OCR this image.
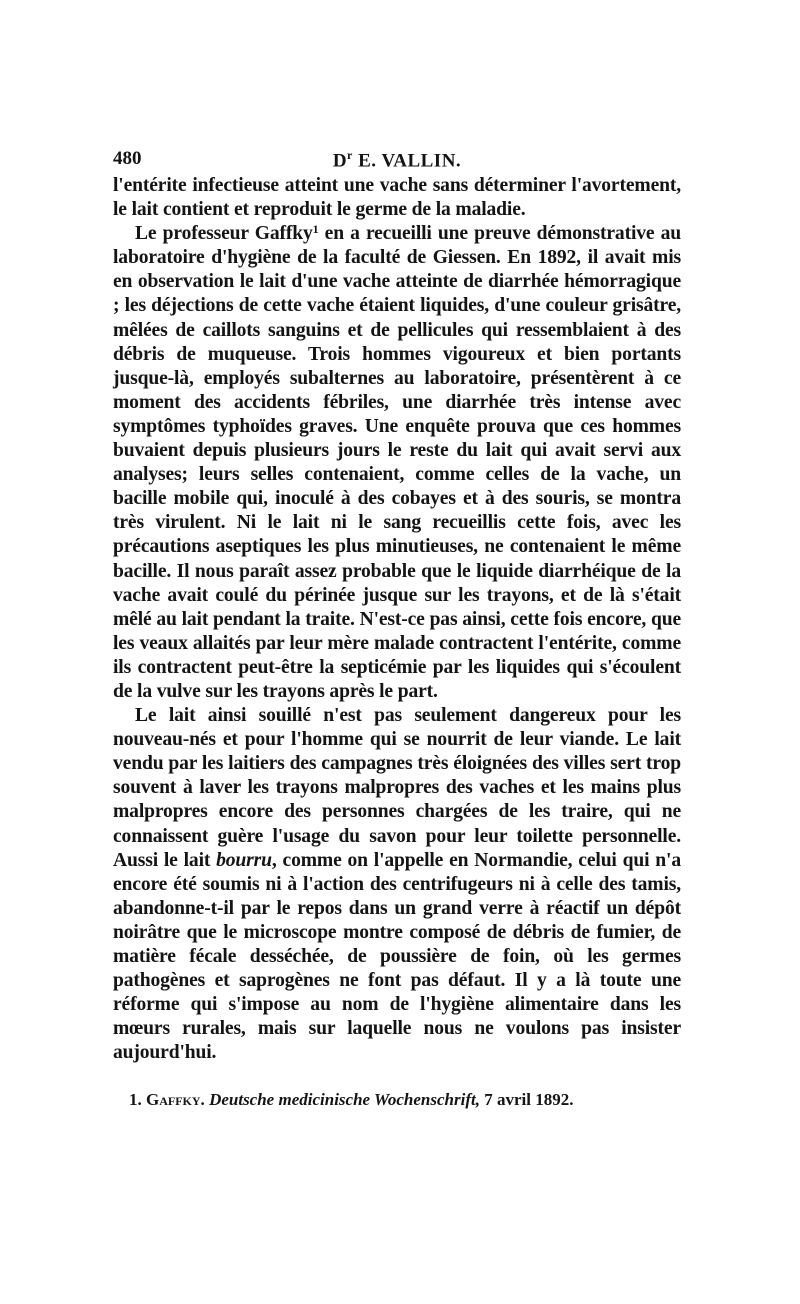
480	$D^r$ E. VALLIN.

l'entérite infectieuse atteint une vache sans déterminer l'avortement, le lait contient et reproduit le germe de la maladie.

Le professeur Gaffky$^1$ en a recueilli une preuve démonstrative au laboratoire d'hygiène de la faculté de Giessen. En 1892, il avait mis en observation le lait d'une vache atteinte de diarrhée hémorragique ; les déjections de cette vache étaient liquides, d'une couleur grisâtre, mêlées de caillots sanguins et de pellicules qui ressemblaient à des débris de muqueuse. Trois hommes vigoureux et bien portants jusque-là, employés subalternes au laboratoire, présentèrent à ce moment des accidents fébriles, une diarrhée très intense avec symptômes typhoïdes graves. Une enquête prouva que ces hommes buvaient depuis plusieurs jours le reste du lait qui avait servi aux analyses; leurs selles contenaient, comme celles de la vache, un bacille mobile qui, inoculé à des cobayes et à des souris, se montra très virulent. Ni le lait ni le sang recueillis cette fois, avec les précautions aseptiques les plus minutieuses, ne contenaient le même bacille. Il nous paraît assez probable que le liquide diarrhéique de la vache avait coulé du périnée jusque sur les trayons, et de là s'était mêlé au lait pendant la traite. N'est-ce pas ainsi, cette fois encore, que les veaux allaités par leur mère malade contractent l'entérite, comme ils contractent peut-être la septicémie par les liquides qui s'écoulent de la vulve sur les trayons après le part.

Le lait ainsi souillé n'est pas seulement dangereux pour les nouveau-nés et pour l'homme qui se nourrit de leur viande. Le lait vendu par les laitiers des campagnes très éloignées des villes sert trop souvent à laver les trayons malpropres des vaches et les mains plus malpropres encore des personnes chargées de les traire, qui ne connaissent guère l'usage du savon pour leur toilette personnelle. Aussi le lait bourru, comme on l'appelle en Normandie, celui qui n'a encore été soumis ni à l'action des centrifugeurs ni à celle des tamis, abandonne-t-il par le repos dans un grand verre à réactif un dépôt noirâtre que le microscope montre composé de débris de fumier, de matière fécale desséchée, de poussière de foin, où les germes pathogènes et saprogènes ne font pas défaut. Il y a là toute une réforme qui s'impose au nom de l'hygiène alimentaire dans les mœurs rurales, mais sur laquelle nous ne voulons pas insister aujourd'hui.

1. Gaffky. Deutsche medicinische Wochenschrift, 7 avril 1892.
